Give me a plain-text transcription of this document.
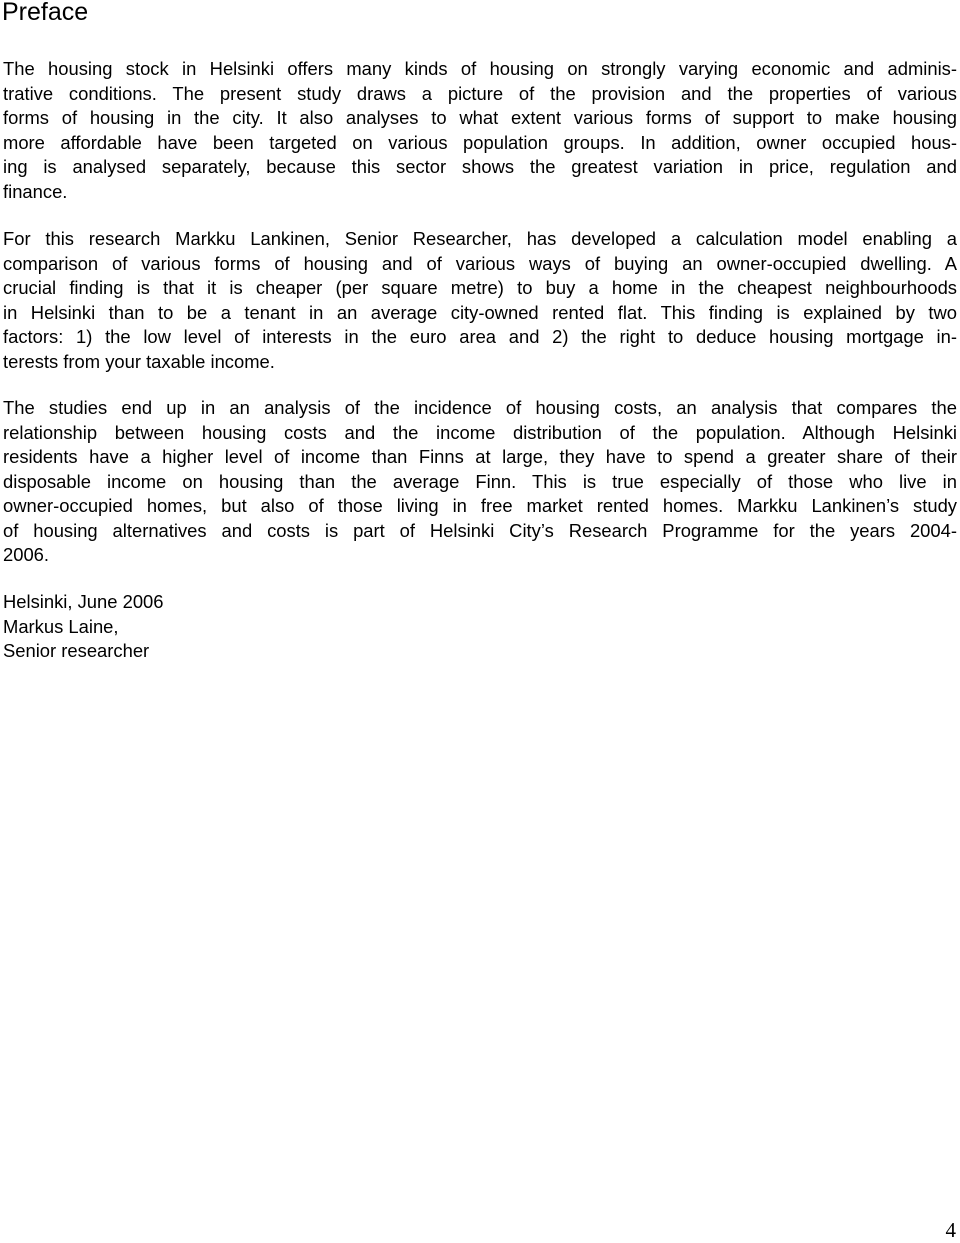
Preface

The housing stock in Helsinki offers many kinds of housing on strongly varying economic and adminis-
trative conditions. The present study draws a picture of the provision and the properties of various
forms of housing in the city. It also analyses to what extent various forms of support to make housing
more affordable have been targeted on various population groups. In addition, owner occupied hous-
ing is analysed separately, because this sector shows the greatest variation in price, regulation and
finance.

For this research Markku Lankinen, Senior Researcher, has developed a calculation model enabling a
comparison of various forms of housing and of various ways of buying an owner-occupied dwelling. A
crucial finding is that it is cheaper (per square metre) to buy a home in the cheapest neighbourhoods
in Helsinki than to be a tenant in an average city-owned rented flat. This finding is explained by two
factors: 1) the low level of interests in the euro area and 2) the right to deduce housing mortgage in-
terests from your taxable income.

The studies end up in an analysis of the incidence of housing costs, an analysis that compares the
relationship between housing costs and the income distribution of the population. Although Helsinki
residents have a higher level of income than Finns at large, they have to spend a greater share of their
disposable income on housing than the average Finn. This is true especially of those who live in
owner-occupied homes, but also of those living in free market rented homes. Markku Lankinen’s study
of housing alternatives and costs is part of Helsinki City’s Research Programme for the years 2004-
2006.

Helsinki, June 2006
Markus Laine,
Senior researcher

4
